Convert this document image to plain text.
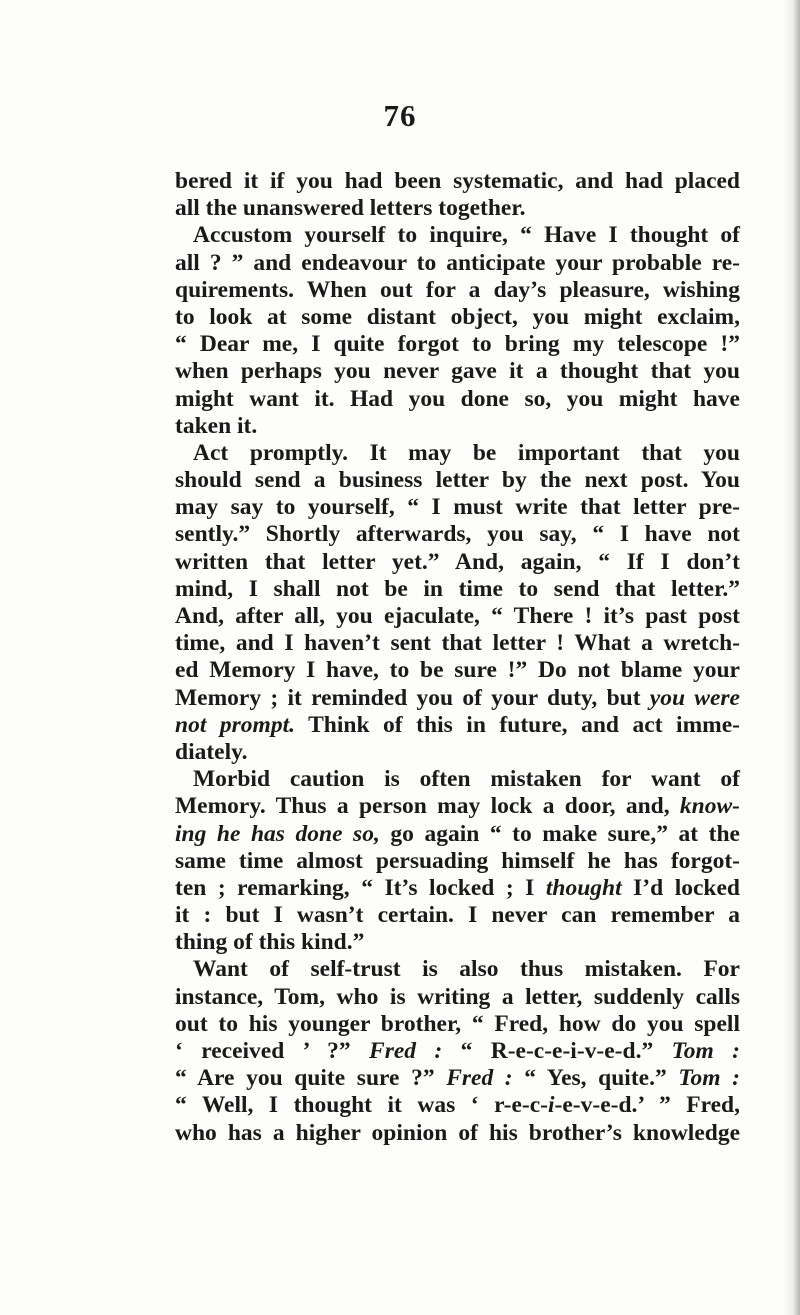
76
bered it if you had been systematic, and had placed
all the unanswered letters together.
Accustom yourself to inquire, “ Have I thought of
all ? ” and endeavour to anticipate your probable re-
quirements. When out for a day’s pleasure, wishing
to look at some distant object, you might exclaim,
“ Dear me, I quite forgot to bring my telescope !”
when perhaps you never gave it a thought that you
might want it. Had you done so, you might have
taken it.
Act promptly. It may be important that you
should send a business letter by the next post. You
may say to yourself, “ I must write that letter pre-
sently.” Shortly afterwards, you say, “ I have not
written that letter yet.” And, again, “ If I don’t
mind, I shall not be in time to send that letter.”
And, after all, you ejaculate, “ There ! it’s past post
time, and I haven’t sent that letter ! What a wretch-
ed Memory I have, to be sure !” Do not blame your
Memory ; it reminded you of your duty, but you were
not prompt. Think of this in future, and act imme-
diately.
Morbid caution is often mistaken for want of
Memory. Thus a person may lock a door, and, know-
ing he has done so, go again “ to make sure,” at the
same time almost persuading himself he has forgot-
ten ; remarking, “ It’s locked ; I thought I’d locked
it : but I wasn’t certain. I never can remember a
thing of this kind.”
Want of self-trust is also thus mistaken. For
instance, Tom, who is writing a letter, suddenly calls
out to his younger brother, “ Fred, how do you spell
‘ received ’ ?” Fred : “ R-e-c-e-i-v-e-d.” Tom :
“ Are you quite sure ?” Fred : “ Yes, quite.” Tom :
“ Well, I thought it was ‘ r-e-c-i-e-v-e-d.’ ” Fred,
who has a higher opinion of his brother’s knowledge
